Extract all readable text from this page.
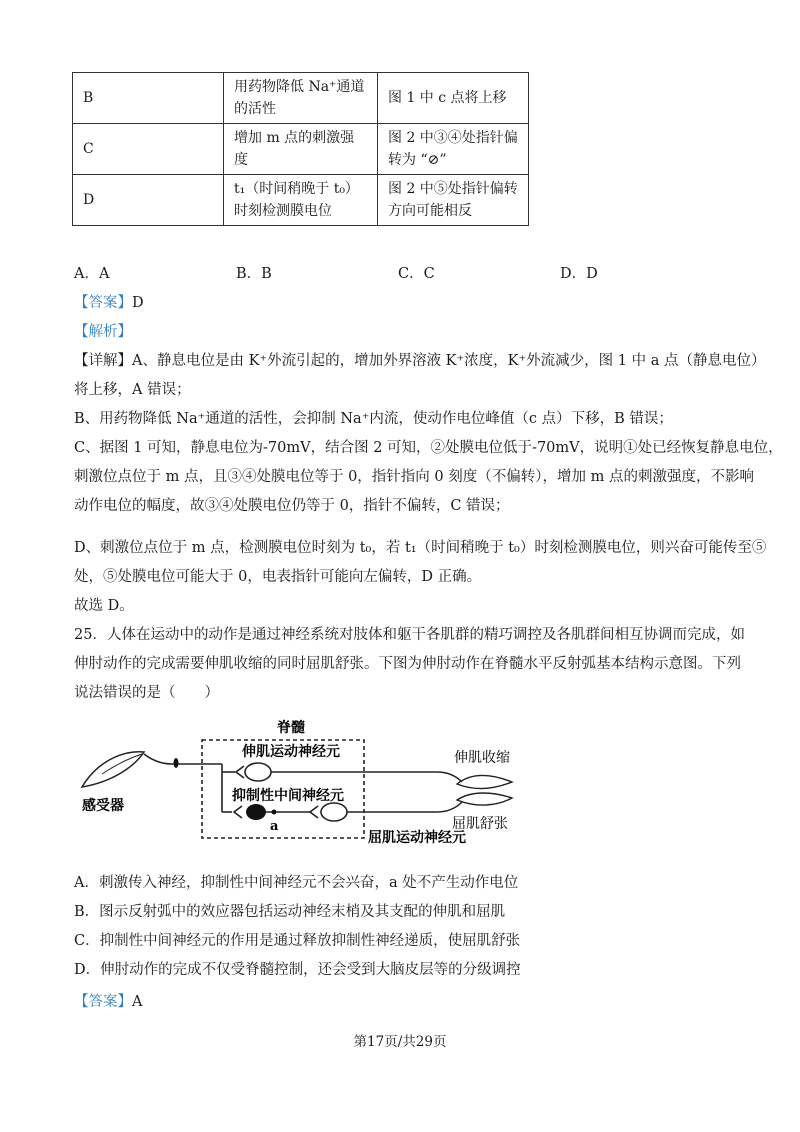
B	用药物降低 Na⁺通道的活性	图 1 中 c 点将上移
C	增加 m 点的刺激强度	图 2 中③④处指针偏转为 “⊘”
D	t₁（时间稍晚于 t₀）时刻检测膜电位	图 2 中⑤处指针偏转方向可能相反
A．A	B．B	C．C	D．D
【答案】D
【解析】
【详解】A、静息电位是由 K⁺外流引起的，增加外界溶液 K⁺浓度，K⁺外流减少，图 1 中 a 点（静息电位）
将上移，A 错误；
B、用药物降低 Na⁺通道的活性，会抑制 Na⁺内流，使动作电位峰值（c 点）下移，B 错误；
C、据图 1 可知，静息电位为-70mV，结合图 2 可知，②处膜电位低于-70mV，说明①处已经恢复静息电位，
刺激位点位于 m 点，且③④处膜电位等于 0，指针指向 0 刻度（不偏转），增加 m 点的刺激强度，不影响
动作电位的幅度，故③④处膜电位仍等于 0，指针不偏转，C 错误；
D、刺激位点位于 m 点，检测膜电位时刻为 t₀，若 t₁（时间稍晚于 t₀）时刻检测膜电位，则兴奋可能传至⑤
处，⑤处膜电位可能大于 0，电表指针可能向左偏转，D 正确。
故选 D。
25．人体在运动中的动作是通过神经系统对肢体和躯干各肌群的精巧调控及各肌群间相互协调而完成，如
伸肘动作的完成需要伸肌收缩的同时屈肌舒张。下图为伸肘动作在脊髓水平反射弧基本结构示意图。下列
说法错误的是（　　）
脊髓
感受器
伸肌运动神经元
抑制性中间神经元
a
屈肌运动神经元
伸肌收缩
屈肌舒张
A．刺激传入神经，抑制性中间神经元不会兴奋，a 处不产生动作电位
B．图示反射弧中的效应器包括运动神经末梢及其支配的伸肌和屈肌
C．抑制性中间神经元的作用是通过释放抑制性神经递质，使屈肌舒张
D．伸肘动作的完成不仅受脊髓控制，还会受到大脑皮层等的分级调控
【答案】A
第17页/共29页
